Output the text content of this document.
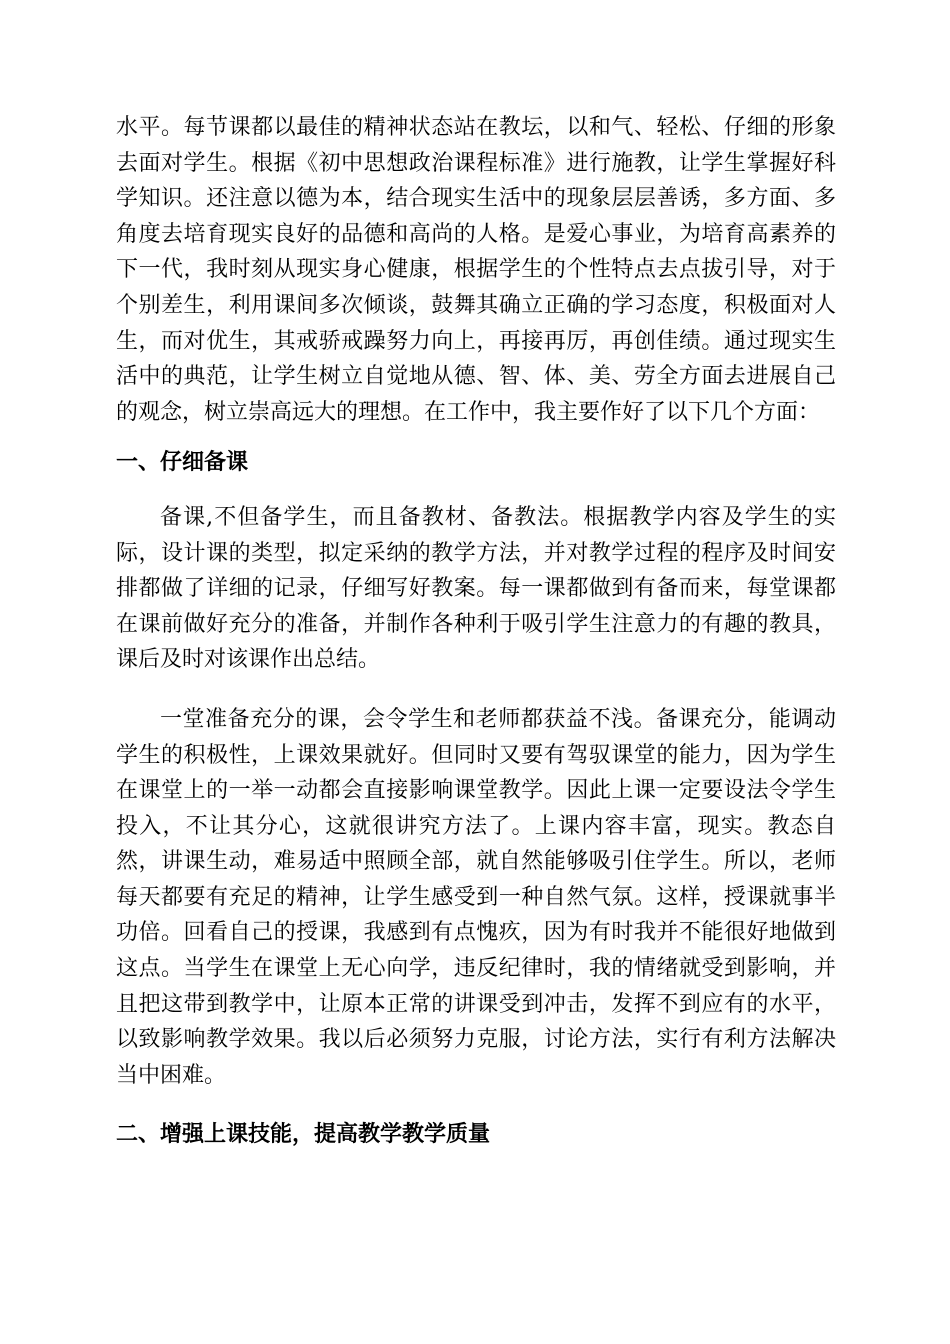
水平。每节课都以最佳的精神状态站在教坛，以和气、轻松、仔细的形象去面对学生。根据《初中思想政治课程标准》进行施教，让学生掌握好科学知识。还注意以德为本，结合现实生活中的现象层层善诱，多方面、多角度去培育现实良好的品德和高尚的人格。是爱心事业，为培育高素养的下一代，我时刻从现实身心健康，根据学生的个性特点去点拔引导，对于个别差生，利用课间多次倾谈，鼓舞其确立正确的学习态度，积极面对人生，而对优生，其戒骄戒躁努力向上，再接再厉，再创佳绩。通过现实生活中的典范，让学生树立自觉地从德、智、体、美、劳全方面去进展自己的观念，树立崇高远大的理想。在工作中，我主要作好了以下几个方面：

一、仔细备课

备课,不但备学生，而且备教材、备教法。根据教学内容及学生的实际，设计课的类型，拟定采纳的教学方法，并对教学过程的程序及时间安排都做了详细的记录，仔细写好教案。每一课都做到有备而来，每堂课都在课前做好充分的准备，并制作各种利于吸引学生注意力的有趣的教具，课后及时对该课作出总结。

一堂准备充分的课，会令学生和老师都获益不浅。备课充分，能调动学生的积极性，上课效果就好。但同时又要有驾驭课堂的能力，因为学生在课堂上的一举一动都会直接影响课堂教学。因此上课一定要设法令学生投入，不让其分心，这就很讲究方法了。上课内容丰富，现实。教态自然，讲课生动，难易适中照顾全部，就自然能够吸引住学生。所以，老师每天都要有充足的精神，让学生感受到一种自然气氛。这样，授课就事半功倍。回看自己的授课，我感到有点愧疚，因为有时我并不能很好地做到这点。当学生在课堂上无心向学，违反纪律时，我的情绪就受到影响，并且把这带到教学中，让原本正常的讲课受到冲击，发挥不到应有的水平，以致影响教学效果。我以后必须努力克服，讨论方法，实行有利方法解决当中困难。

二、增强上课技能，提高教学教学质量
